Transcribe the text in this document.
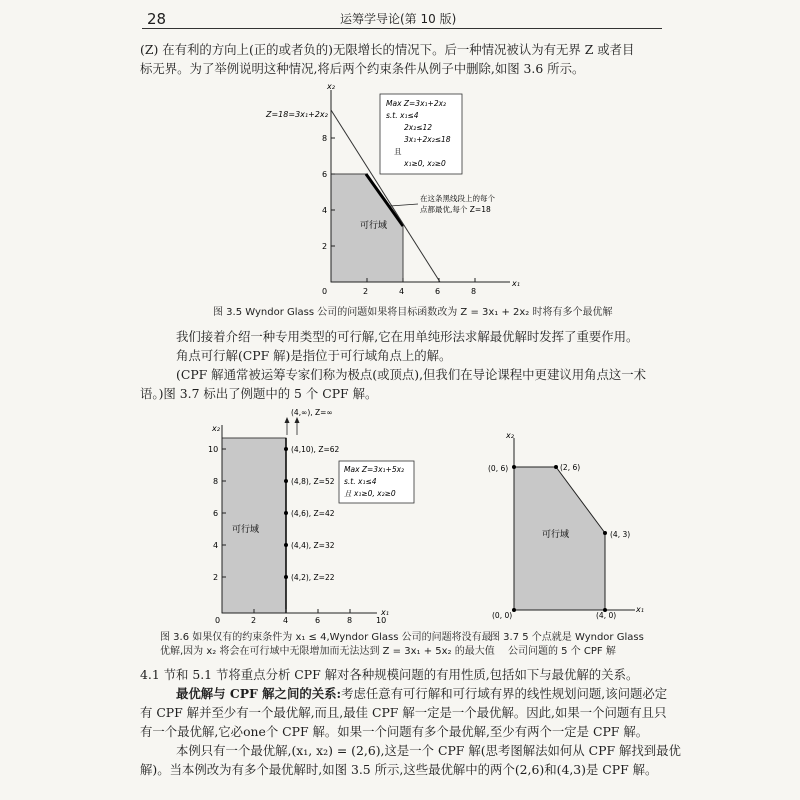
28	运筹学导论(第 10 版)

(Z) 在有利的方向上(正的或者负的)无限增长的情况下。后一种情况被认为有无界 Z 或者目

标无界。为了举例说明这种情况,将后两个约束条件从例子中删除,如图 3.6 所示。

2	4	6	8
2
4
6
8
0
x₁
x₂
Z=18=3x₁+2x₂
可行域
Max Z=3x₁+2x₂
s.t. x₁≤4
2x₂≤12
3x₁+2x₂≤18
且
x₁≥0, x₂≥0
在这条黑线段上的每个
点都最优,每个 Z=18
图 3.5 Wyndor Glass 公司的问题如果将目标函数改为 Z = 3x₁ + 2x₂ 时将有多个最优解

我们接着介绍一种专用类型的可行解,它在用单纯形法求解最优解时发挥了重要作用。

角点可行解(CPF 解)是指位于可行域角点上的解。

(CPF 解通常被运筹专家们称为极点(或顶点),但我们在导论课程中更建议用角点这一术

语。)图 3.7 标出了例题中的 5 个 CPF 解。

2	4	6	8	10
2
4
6
8
10
0
x₁
x₂
可行域
(4,∞), Z=∞
(4,10), Z=62
(4,8), Z=52
(4,6), Z=42
(4,4), Z=32
(4,2), Z=22
Max Z=3x₁+5x₂
s.t. x₁≤4
且 x₁≥0, x₂≥0
图 3.6 如果仅有的约束条件为 x₁ ≤ 4,Wyndor Glass 公司的问题将没有最
优解,因为 x₂ 将会在可行域中无限增加而无法达到 Z = 3x₁ + 5x₂ 的最大值
(0, 6)	(2, 6)
(4, 3)
(0, 0)	(4, 0)
可行域
x₁
x₂
图 3.7 5 个点就是 Wyndor Glass
公司问题的 5 个 CPF 解

4.1 节和 5.1 节将重点分析 CPF 解对各种规模问题的有用性质,包括如下与最优解的关系。

最优解与 CPF 解之间的关系:考虑任意有可行解和可行域有界的线性规划问题,该问题必定

有 CPF 解并至少有一个最优解,而且,最佳 CPF 解一定是一个最优解。因此,如果一个问题有且只

有一个最优解,它必one个 CPF 解。如果一个问题有多个最优解,至少有两个一定是 CPF 解。

本例只有一个最优解,(x₁, x₂) = (2,6),这是一个 CPF 解(思考图解法如何从 CPF 解找到最优

解)。当本例改为有多个最优解时,如图 3.5 所示,这些最优解中的两个(2,6)和(4,3)是 CPF 解。
